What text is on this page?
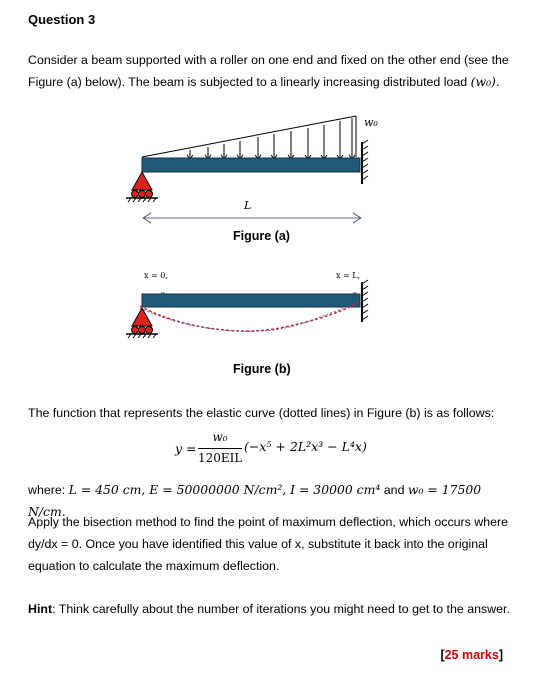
Question 3
Consider a beam supported with a roller on one end and fixed on the other end (see the Figure (a) below). The beam is subjected to a linearly increasing distributed load (w₀).
w₀
L
Figure (a)
x = 0,	x = L,
Figure (b)
The function that represents the elastic curve (dotted lines) in Figure (b) is as follows:
y =
w₀
120EIL
(−x⁵ + 2L²x³ − L⁴x)
where: L = 450 cm, E = 50000000 N/cm², I = 30000 cm⁴ and w₀ = 17500 N/cm.
Apply the bisection method to find the point of maximum deflection, which occurs where dy/dx = 0. Once you have identified this value of x, substitute it back into the original equation to calculate the maximum deflection.
Hint: Think carefully about the number of iterations you might need to get to the answer.
[25 marks]
